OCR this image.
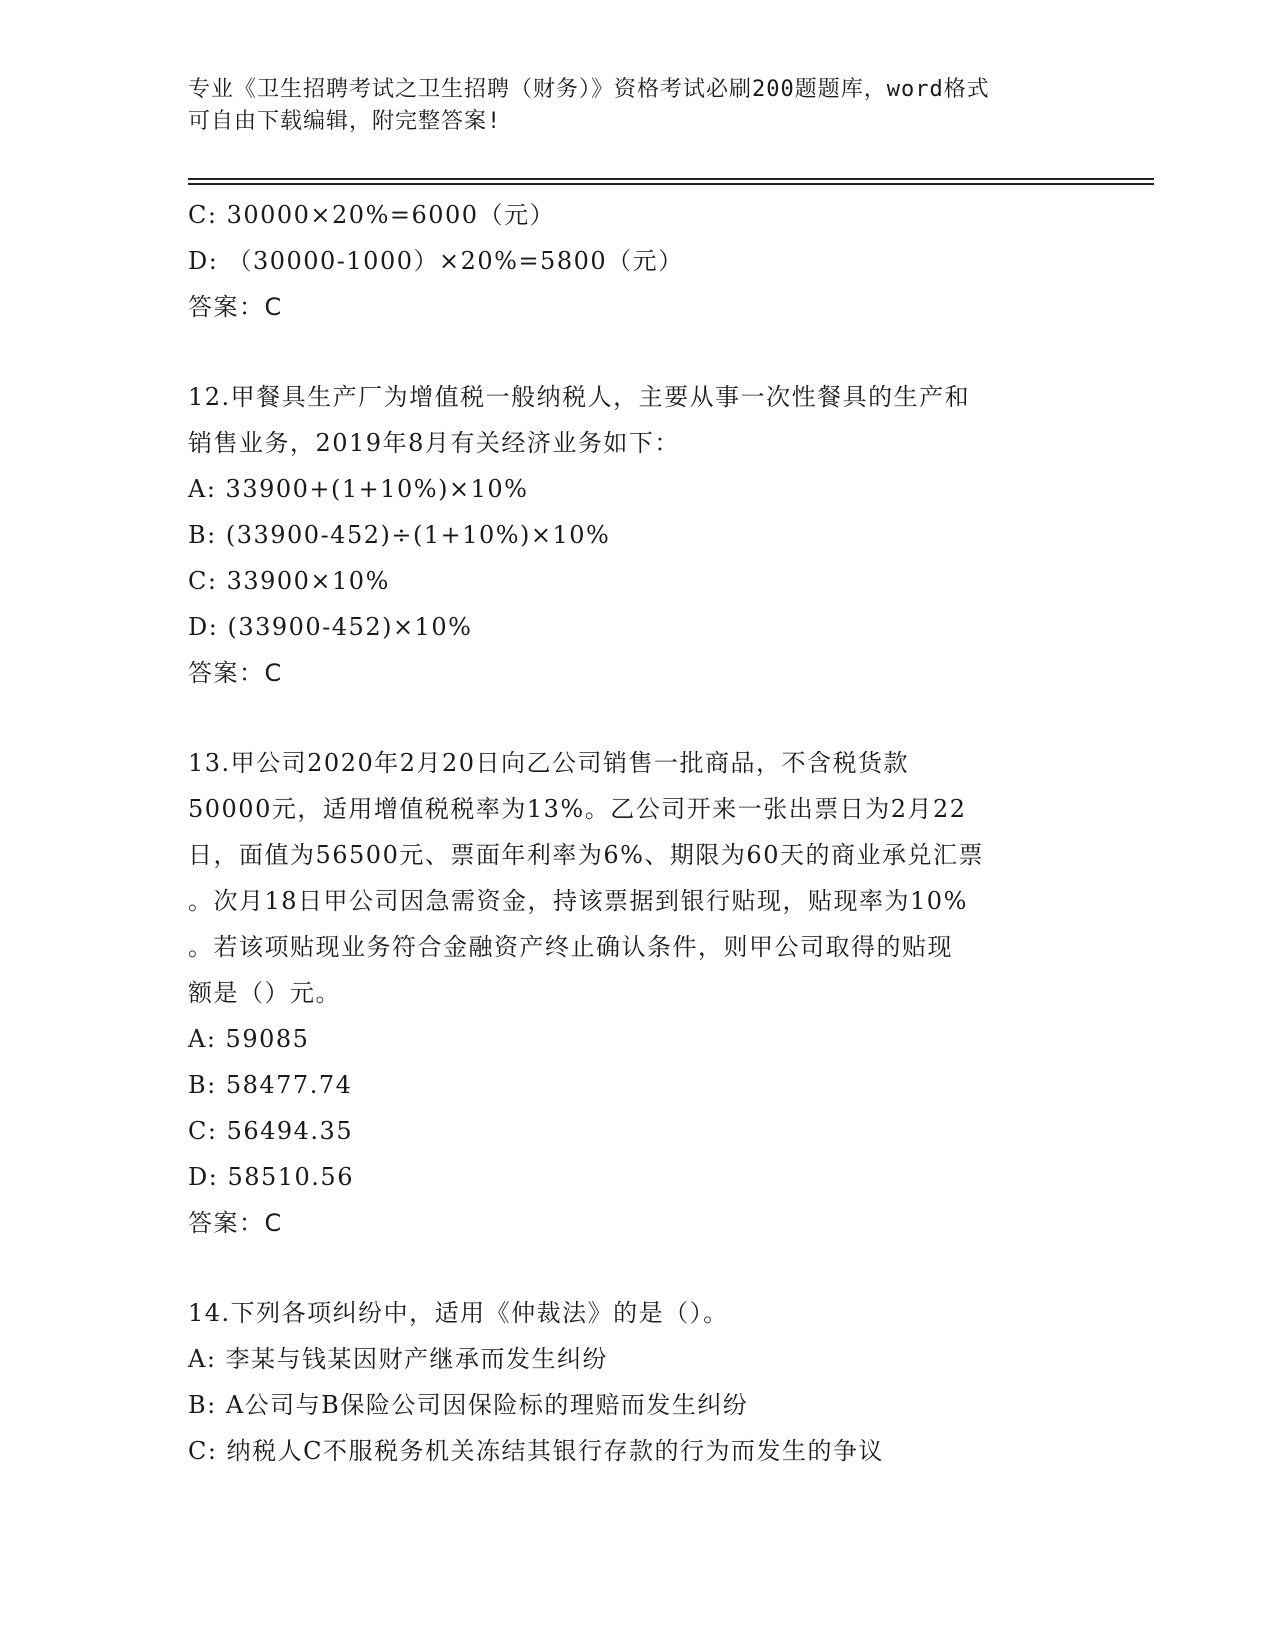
专业《卫生招聘考试之卫生招聘（财务）》资格考试必刷200题题库，word格式
可自由下载编辑，附完整答案!
C: 30000×20%=6000（元）
D: （30000-1000）×20%=5800（元）
答案：C
12.甲餐具生产厂为增值税一般纳税人，主要从事一次性餐具的生产和
销售业务，2019年8月有关经济业务如下：
A: 33900+(1+10%)×10%
B: (33900-452)÷(1+10%)×10%
C: 33900×10%
D: (33900-452)×10%
答案：C
13.甲公司2020年2月20日向乙公司销售一批商品，不含税货款
50000元，适用增值税税率为13%。乙公司开来一张出票日为2月22
日，面值为56500元、票面年利率为6%、期限为60天的商业承兑汇票
。次月18日甲公司因急需资金，持该票据到银行贴现，贴现率为10%
。若该项贴现业务符合金融资产终止确认条件，则甲公司取得的贴现
额是（）元。
A: 59085
B: 58477.74
C: 56494.35
D: 58510.56
答案：C
14.下列各项纠纷中，适用《仲裁法》的是（）。
A: 李某与钱某因财产继承而发生纠纷
B: A公司与B保险公司因保险标的理赔而发生纠纷
C: 纳税人C不服税务机关冻结其银行存款的行为而发生的争议
